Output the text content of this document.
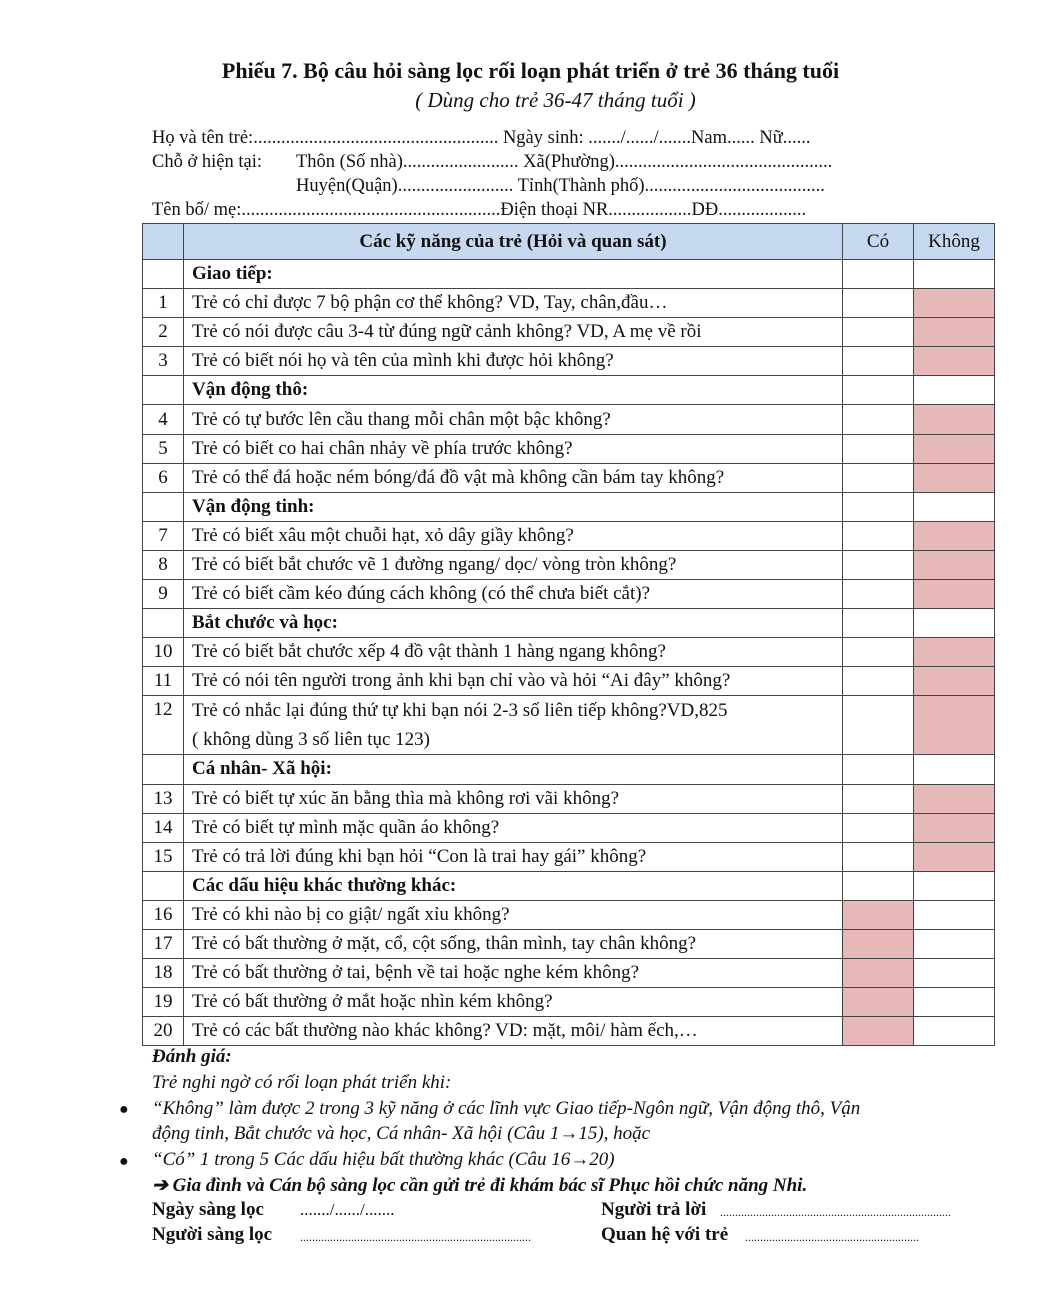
Phiếu 7. Bộ câu hỏi sàng lọc rối loạn phát triển ở trẻ 36 tháng tuổi
( Dùng cho trẻ 36-47 tháng tuổi )
Họ và tên trẻ:..................................................... Ngày sinh: ......./....../.......Nam...... Nữ......
Chỗ ở hiện tại: Thôn (Số nhà)......................... Xã(Phường)...............................................
Huyện(Quận)......................... Tỉnh(Thành phố).......................................
Tên bố/ mẹ:........................................................Điện thoại NR..................DĐ...................
	Các kỹ năng của trẻ (Hỏi và quan sát)	Có	Không
	Giao tiếp:		
1	Trẻ có chỉ được 7 bộ phận cơ thể không? VD, Tay, chân,đầu…		
2	Trẻ có nói được câu 3-4 từ đúng ngữ cảnh không? VD, A mẹ về rồi		
3	Trẻ có biết nói họ và tên của mình khi được hỏi không?		
	Vận động thô:		
4	Trẻ có tự bước lên cầu thang mỗi chân một bậc không?		
5	Trẻ có biết co hai chân nhảy về phía trước không?		
6	Trẻ có thể đá hoặc ném bóng/đá đồ vật mà không cần bám tay không?		
	Vận động tinh:		
7	Trẻ có biết xâu một chuỗi hạt, xỏ dây giầy không?		
8	Trẻ có biết bắt chước vẽ 1 đường ngang/ dọc/ vòng tròn không?		
9	Trẻ có biết cầm kéo đúng cách không (có thể chưa biết cắt)?		
	Bắt chước và học:		
10	Trẻ có biết bắt chước xếp 4 đồ vật thành 1 hàng ngang không?		
11	Trẻ có nói tên người trong ảnh khi bạn chỉ vào và hỏi “Ai đây” không?		
12	Trẻ có nhắc lại đúng thứ tự khi bạn nói 2-3 số liên tiếp không?VD,825
( không dùng 3 số liên tục 123)		

	Cá nhân- Xã hội:		
13	Trẻ có biết tự xúc ăn bằng thìa mà không rơi vãi không?		
14	Trẻ có biết tự mình mặc quần áo không?		
15	Trẻ có trả lời đúng khi bạn hỏi “Con là trai hay gái” không?		
	Các dấu hiệu khác thường khác:		
16	Trẻ có khi nào bị co giật/ ngất xỉu không?		
17	Trẻ có bất thường ở mặt, cổ, cột sống, thân mình, tay chân không?		
18	Trẻ có bất thường ở tai, bệnh về tai hoặc nghe kém không?		
19	Trẻ có bất thường ở mắt hoặc nhìn kém không?		
20	Trẻ có các bất thường nào khác không? VD: mặt, môi/ hàm ếch,…		
Đánh giá:
Trẻ nghi ngờ có rối loạn phát triển khi:
● “Không” làm được 2 trong 3 kỹ năng ở các lĩnh vực Giao tiếp-Ngôn ngữ, Vận động thô, Vận
động tinh, Bắt chước và học, Cá nhân- Xã hội (Câu 1→15), hoặc
● “Có” 1 trong 5 Các dấu hiệu bất thường khác (Câu 16→20)
➔ Gia đình và Cán bộ sàng lọc cần gửi trẻ đi khám bác sĩ Phục hồi chức năng Nhi.
Ngày sàng lọc ......./....../.......	Người trả lời .............................................................................
Người sàng lọc .............................................................................	Quan hệ với trẻ ..........................................................
